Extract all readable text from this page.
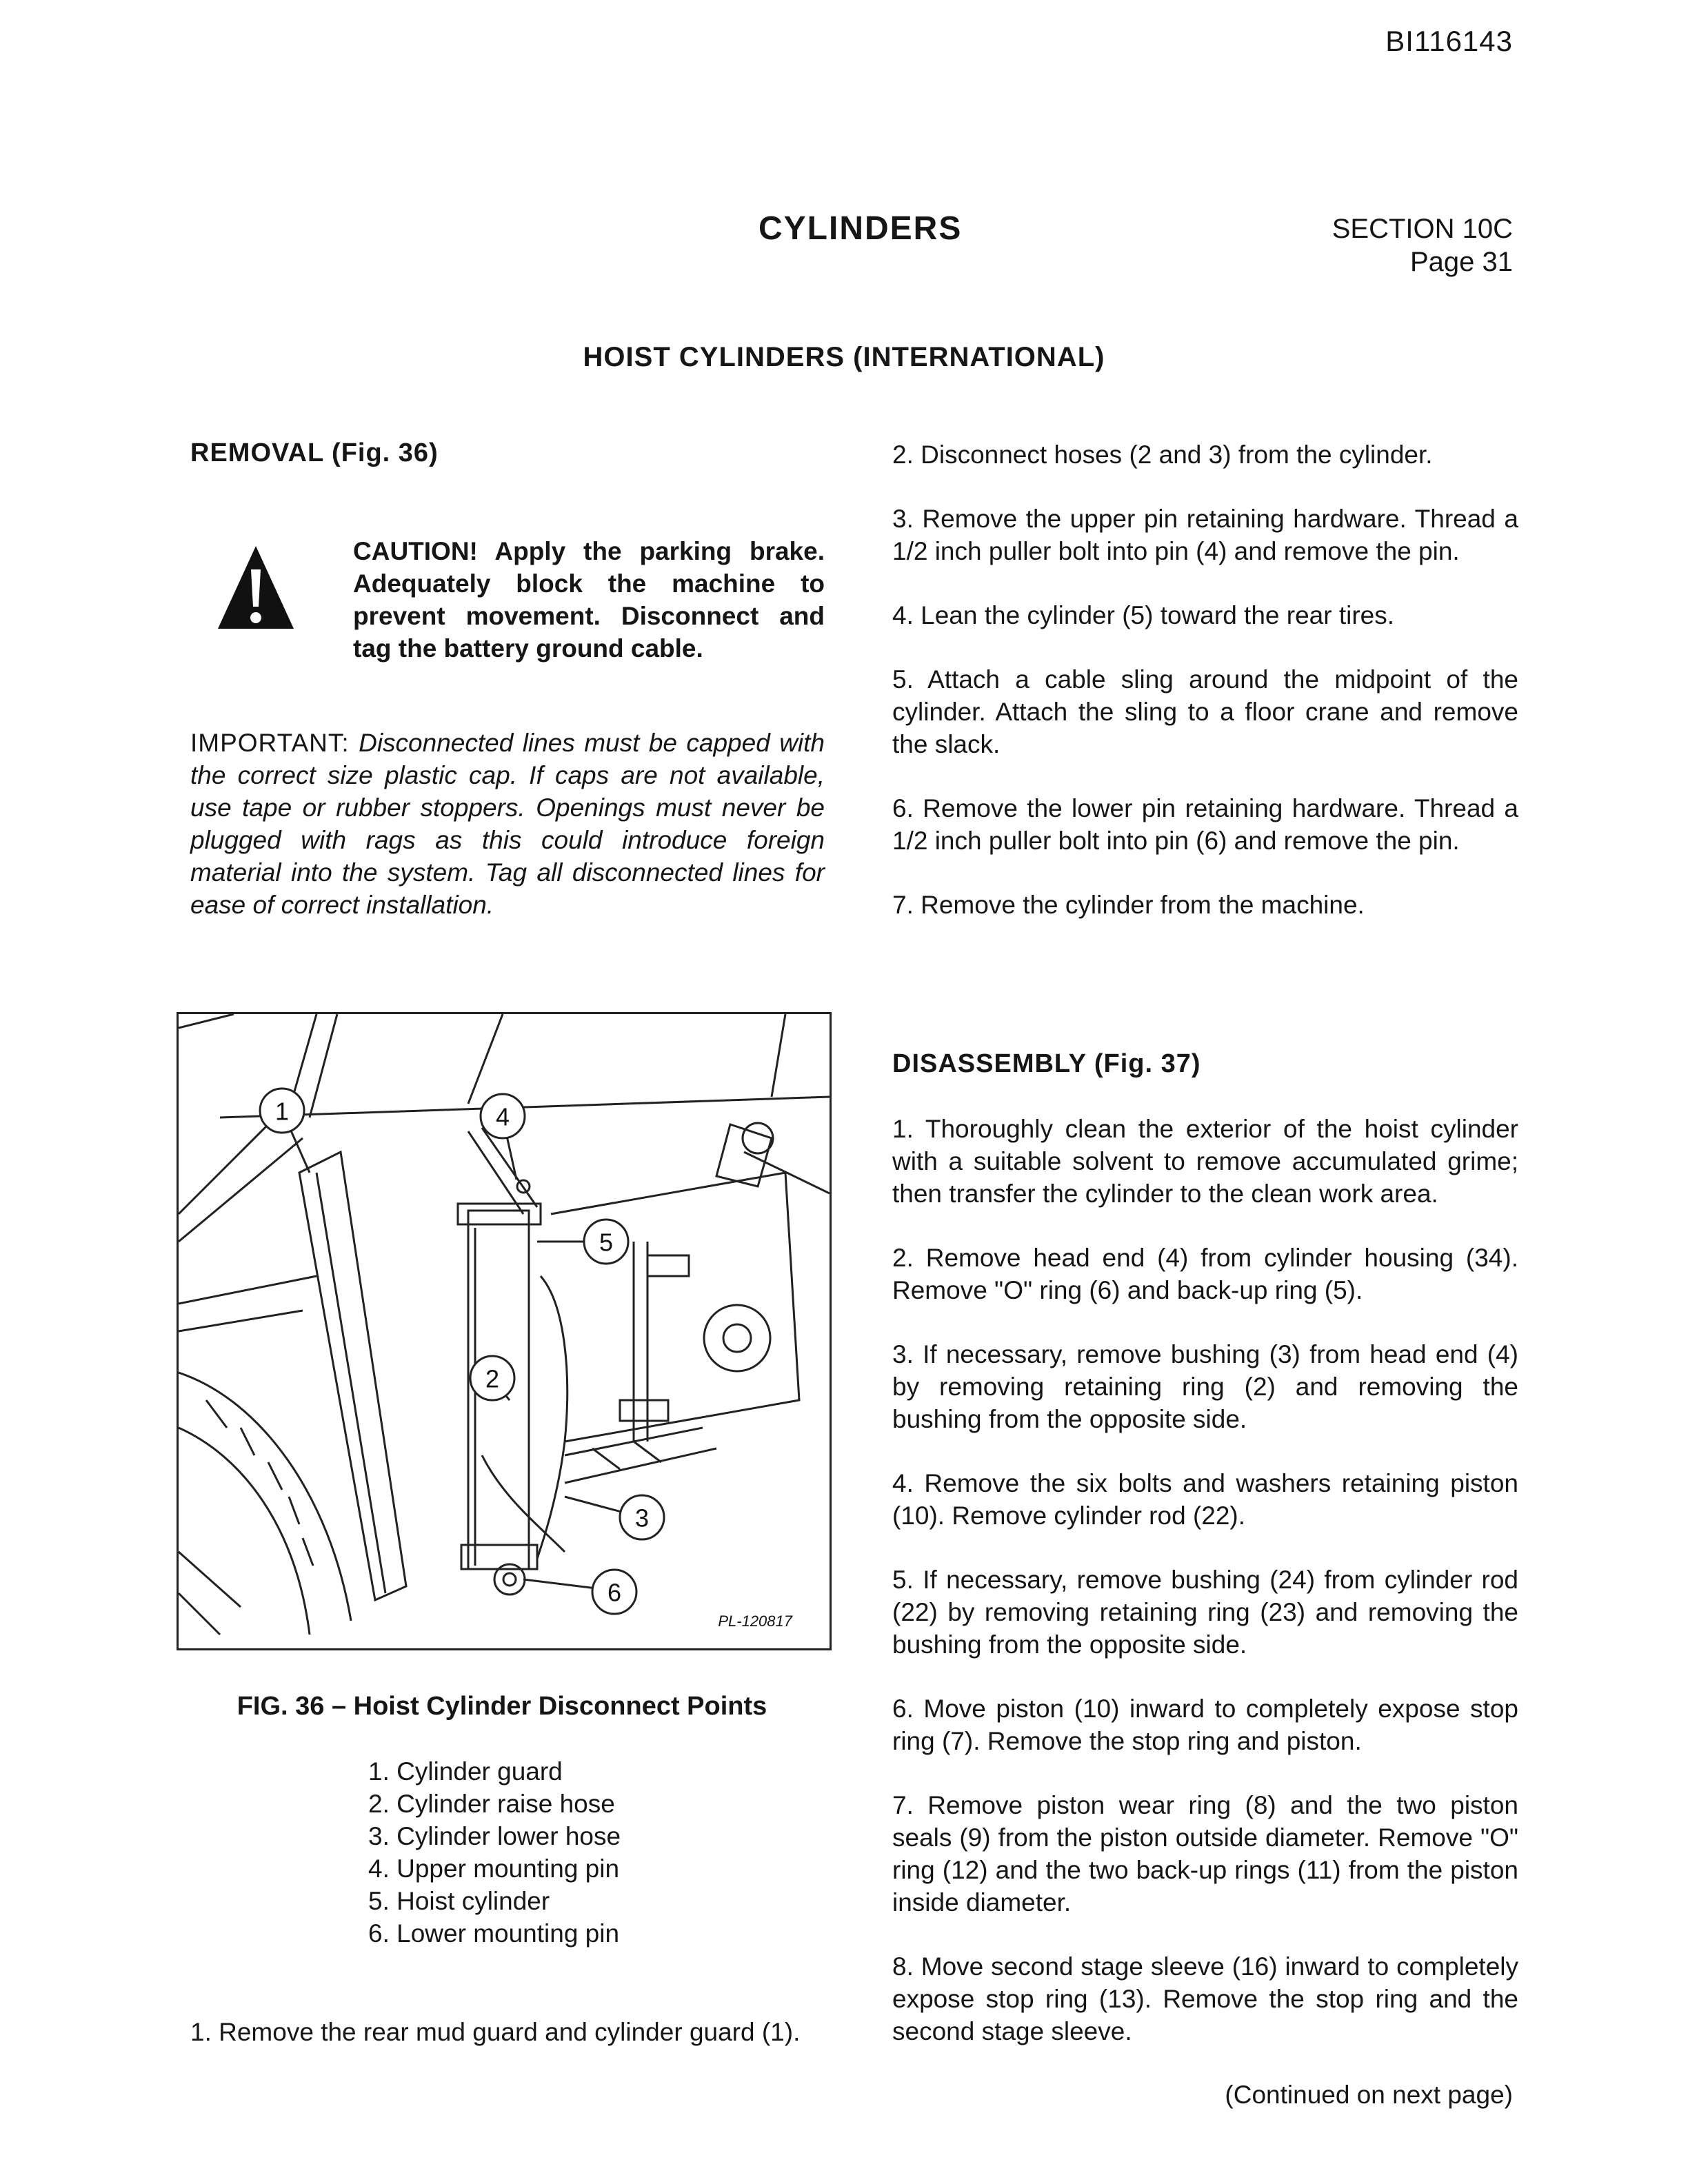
BI116143
CYLINDERS	SECTION 10C
Page 31
HOIST CYLINDERS (INTERNATIONAL)
REMOVAL (Fig. 36)
CAUTION! Apply the parking brake. Adequately block the machine to prevent movement. Disconnect and tag the battery ground cable.
IMPORTANT: Disconnected lines must be capped with the correct size plastic cap. If caps are not available, use tape or rubber stoppers. Openings must never be plugged with rags as this could introduce foreign material into the system. Tag all disconnected lines for ease of correct installation.
1
2
3
4
5
6
PL-120817
FIG. 36 – Hoist Cylinder Disconnect Points
1. Cylinder guard
2. Cylinder raise hose
3. Cylinder lower hose
4. Upper mounting pin
5. Hoist cylinder
6. Lower mounting pin
1. Remove the rear mud guard and cylinder guard (1).

2. Disconnect hoses (2 and 3) from the cylinder.

3. Remove the upper pin retaining hardware. Thread a 1/2 inch puller bolt into pin (4) and remove the pin.

4. Lean the cylinder (5) toward the rear tires.

5. Attach a cable sling around the midpoint of the cylinder. Attach the sling to a floor crane and remove the slack.

6. Remove the lower pin retaining hardware. Thread a 1/2 inch puller bolt into pin (6) and remove the pin.

7. Remove the cylinder from the machine.

DISASSEMBLY (Fig. 37)

1. Thoroughly clean the exterior of the hoist cylinder with a suitable solvent to remove accumulated grime; then transfer the cylinder to the clean work area.

2. Remove head end (4) from cylinder housing (34). Remove "O" ring (6) and back-up ring (5).

3. If necessary, remove bushing (3) from head end (4) by removing retaining ring (2) and removing the bushing from the opposite side.

4. Remove the six bolts and washers retaining piston (10). Remove cylinder rod (22).

5. If necessary, remove bushing (24) from cylinder rod (22) by removing retaining ring (23) and removing the bushing from the opposite side.

6. Move piston (10) inward to completely expose stop ring (7). Remove the stop ring and piston.

7. Remove piston wear ring (8) and the two piston seals (9) from the piston outside diameter. Remove "O" ring (12) and the two back-up rings (11) from the piston inside diameter.

8. Move second stage sleeve (16) inward to completely expose stop ring (13). Remove the stop ring and the second stage sleeve.

(Continued on next page)
